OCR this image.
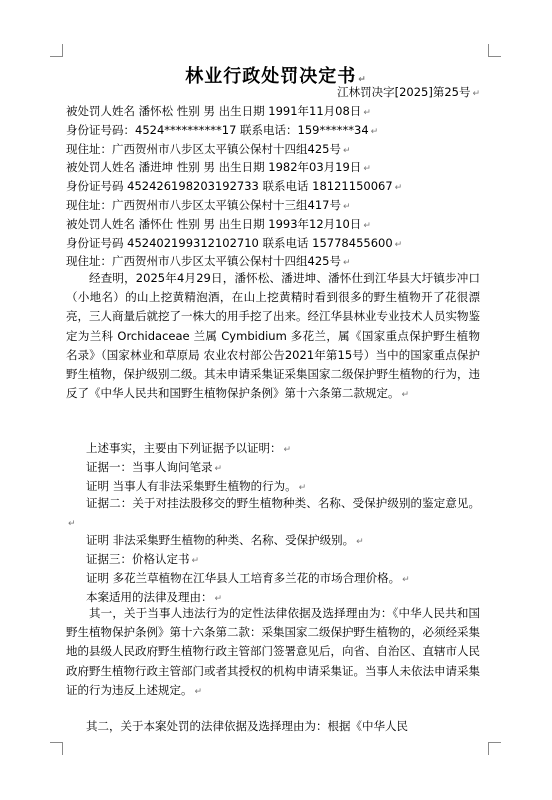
林业行政处罚决定书 ↵
江林罚决字[2025]第25号 ↵
被处罚人姓名 潘怀松 性别 男 出生日期 1991年11月08日 ↵
身份证号码：4524**********17 联系电话：159******34 ↵
现住址：广西贺州市八步区太平镇公保村十四组425号 ↵
被处罚人姓名 潘进坤 性别 男 出生日期 1982年03月19日 ↵
身份证号码 452426198203192733 联系电话 18121150067 ↵
现住址：广西贺州市八步区太平镇公保村十三组417号 ↵
被处罚人姓名 潘怀仕 性别 男 出生日期 1993年12月10日 ↵
身份证号码 452402199312102710 联系电话 15778455600 ↵
现住址：广西贺州市八步区太平镇公保村十四组425号 ↵
经查明，2025年4月29日，潘怀松、潘进坤、潘怀仕到江华县大圩镇步冲口（小地名）的山上挖黄精泡酒，在山上挖黄精时看到很多的野生植物开了花很漂亮，三人商量后就挖了一株大的用手挖了出来。经江华县林业专业技术人员实物鉴定为兰科 Orchidaceae 兰属 Cymbidium 多花兰，属《国家重点保护野生植物名录》（国家林业和草原局 农业农村部公告2021年第15号）当中的国家重点保护野生植物，保护级别二级。其未申请采集证采集国家二级保护野生植物的行为，违反了《中华人民共和国野生植物保护条例》第十六条第二款规定。 ↵
上述事实，主要由下列证据予以证明： ↵
证据一：当事人询问笔录 ↵
证明 当事人有非法采集野生植物的行为。 ↵
证据二：关于对挂法股移交的野生植物种类、名称、受保护级别的鉴定意见。↵
证明 非法采集野生植物的种类、名称、受保护级别。 ↵
证据三：价格认定书 ↵
证明 多花兰草植物在江华县人工培育多兰花的市场合理价格。 ↵
本案适用的法律及理由： ↵
其一，关于当事人违法行为的定性法律依据及选择理由为：《中华人民共和国野生植物保护条例》第十六条第二款：采集国家二级保护野生植物的，必须经采集地的县级人民政府野生植物行政主管部门签署意见后，向省、自治区、直辖市人民政府野生植物行政主管部门或者其授权的机构申请采集证。当事人未依法申请采集证的行为违反上述规定。 ↵
其二，关于本案处罚的法律依据及选择理由为：根据《中华人民
